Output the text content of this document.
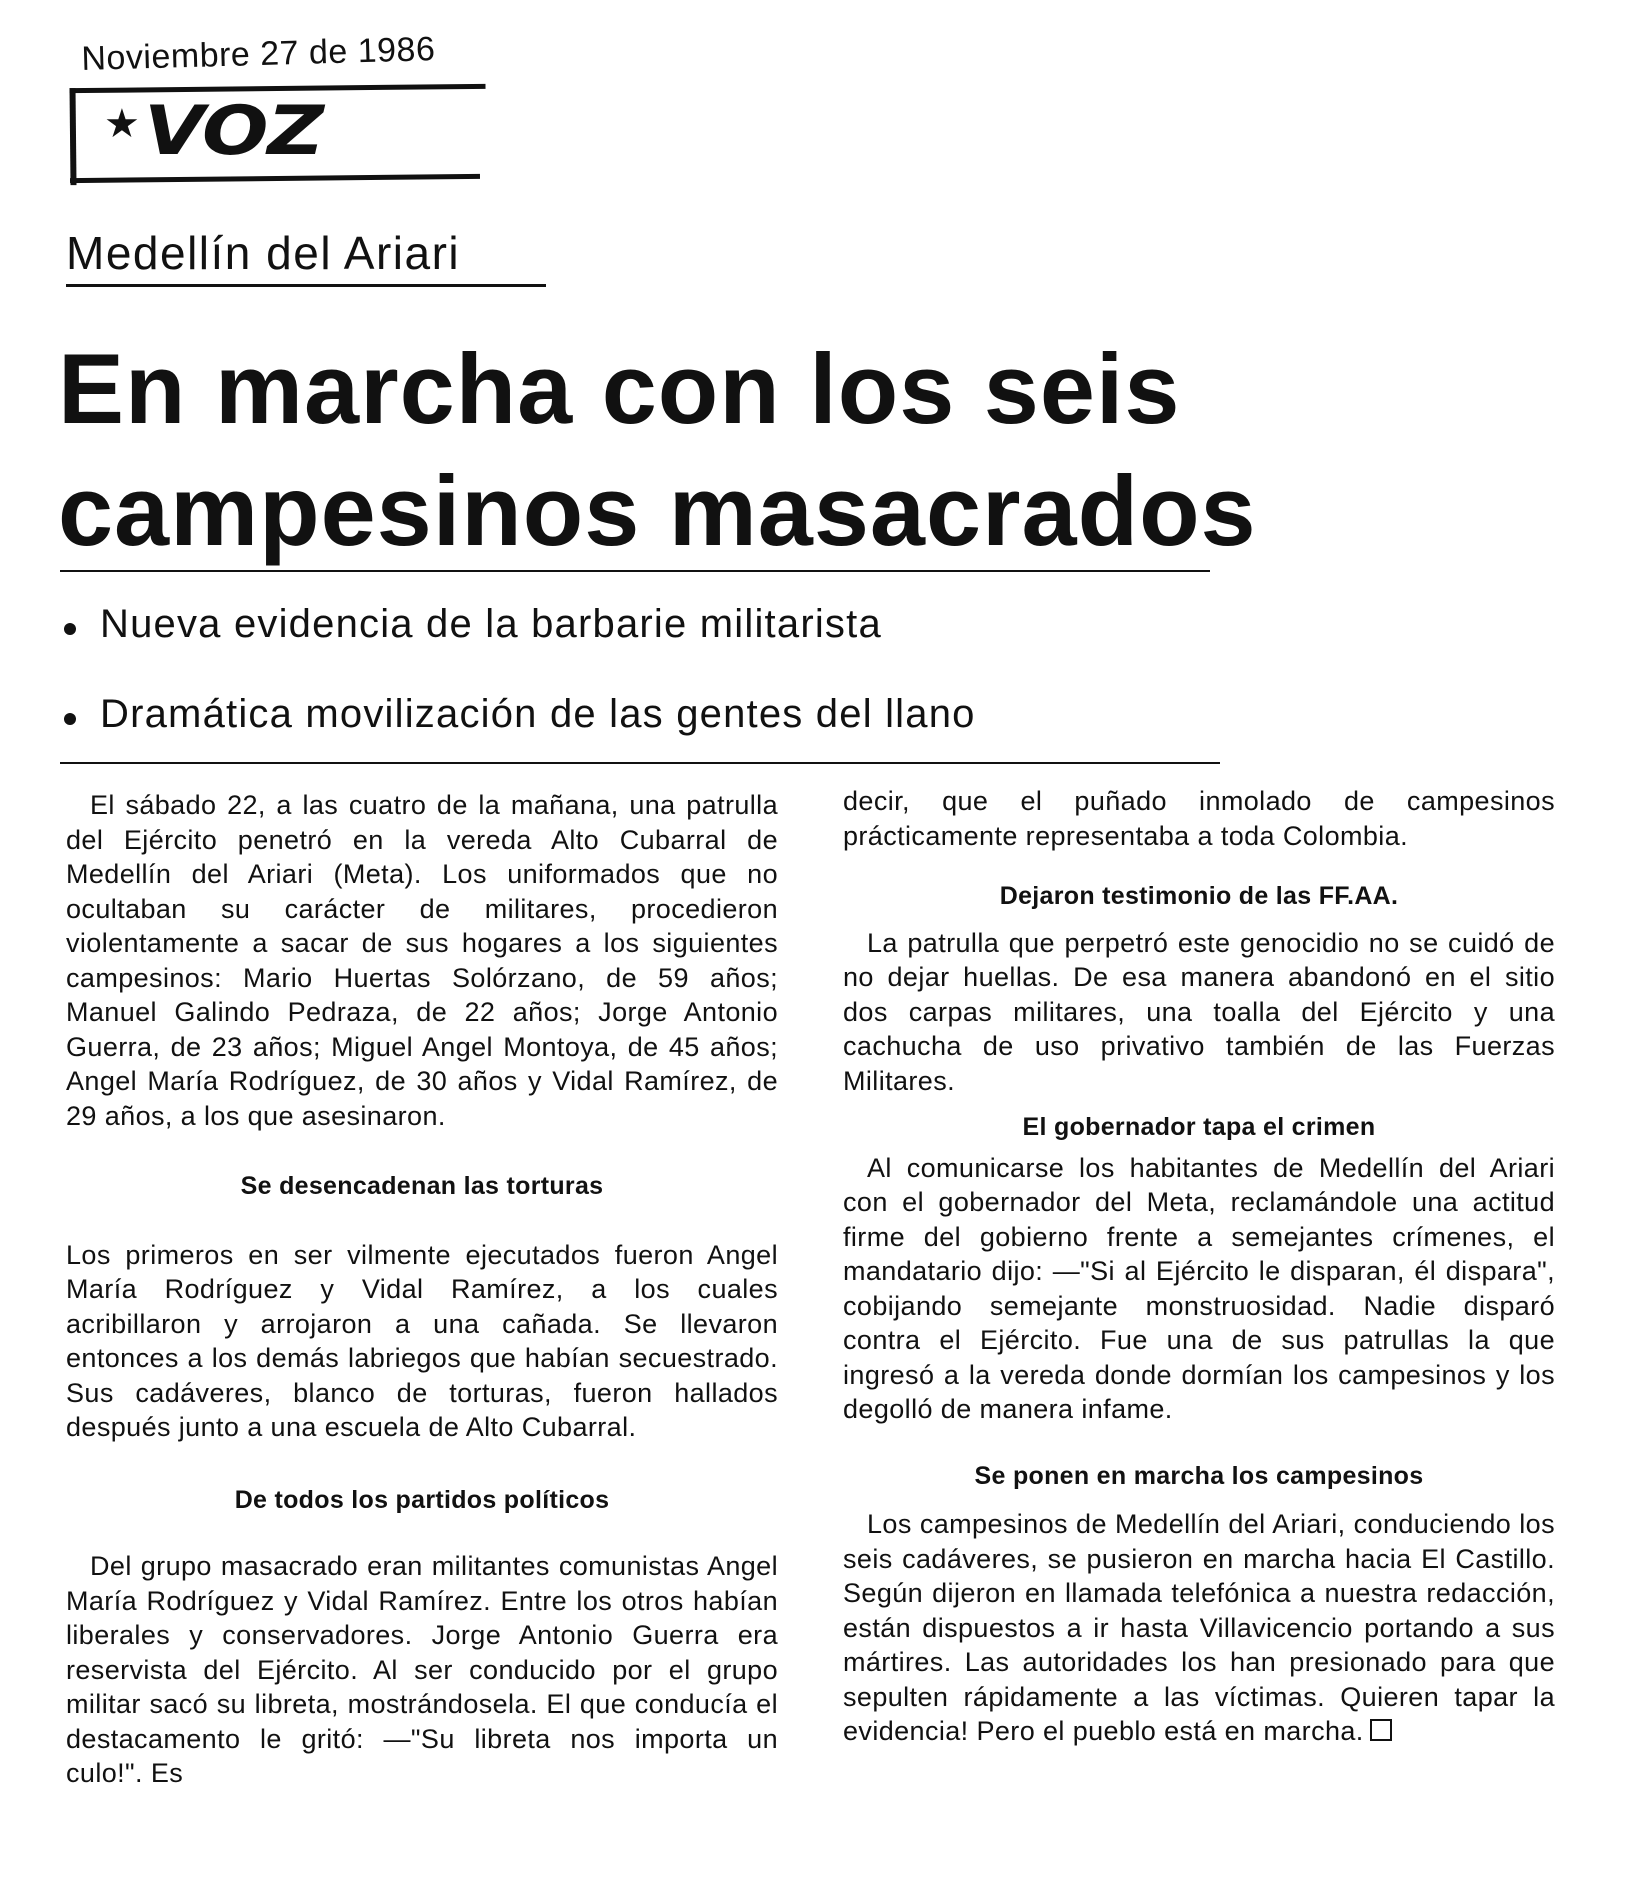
Noviembre 27 de 1986
★ VOZ
Medellín del Ariari
En marcha con los seis campesinos masacrados
Nueva evidencia de la barbarie militarista
Dramática movilización de las gentes del llano

El sábado 22, a las cuatro de la mañana, una patrulla del Ejército penetró en la vereda Alto Cubarral de Medellín del Ariari (Meta). Los uniformados que no ocultaban su carácter de militares, procedieron violentamente a sacar de sus hogares a los siguientes campesinos: Mario Huertas Solórzano, de 59 años; Manuel Galindo Pedraza, de 22 años; Jorge Antonio Guerra, de 23 años; Miguel Angel Montoya, de 45 años; Angel María Rodríguez, de 30 años y Vidal Ramírez, de 29 años, a los que asesinaron.

Se desencadenan las torturas

Los primeros en ser vilmente ejecutados fueron Angel María Rodríguez y Vidal Ramírez, a los cuales acribillaron y arrojaron a una cañada. Se llevaron entonces a los demás labriegos que habían secuestrado. Sus cadáveres, blanco de torturas, fueron hallados después junto a una escuela de Alto Cubarral.

De todos los partidos políticos

Del grupo masacrado eran militantes comunistas Angel María Rodríguez y Vidal Ramírez. Entre los otros habían liberales y conservadores. Jorge Antonio Guerra era reservista del Ejército. Al ser conducido por el grupo militar sacó su libreta, mostrándosela. El que conducía el destacamento le gritó: —"Su libreta nos importa un culo!". Es

decir, que el puñado inmolado de campesinos prácticamente representaba a toda Colombia.

Dejaron testimonio de las FF.AA.

La patrulla que perpetró este genocidio no se cuidó de no dejar huellas. De esa manera abandonó en el sitio dos carpas militares, una toalla del Ejército y una cachucha de uso privativo también de las Fuerzas Militares.

El gobernador tapa el crimen

Al comunicarse los habitantes de Medellín del Ariari con el gobernador del Meta, reclamándole una actitud firme del gobierno frente a semejantes crímenes, el mandatario dijo: —"Si al Ejército le disparan, él dispara", cobijando semejante monstruosidad. Nadie disparó contra el Ejército. Fue una de sus patrullas la que ingresó a la vereda donde dormían los campesinos y los degolló de manera infame.

Se ponen en marcha los campesinos

Los campesinos de Medellín del Ariari, conduciendo los seis cadáveres, se pusieron en marcha hacia El Castillo. Según dijeron en llamada telefónica a nuestra redacción, están dispuestos a ir hasta Villavicencio portando a sus mártires. Las autoridades los han presionado para que sepulten rápidamente a las víctimas. Quieren tapar la evidencia! Pero el pueblo está en marcha.
